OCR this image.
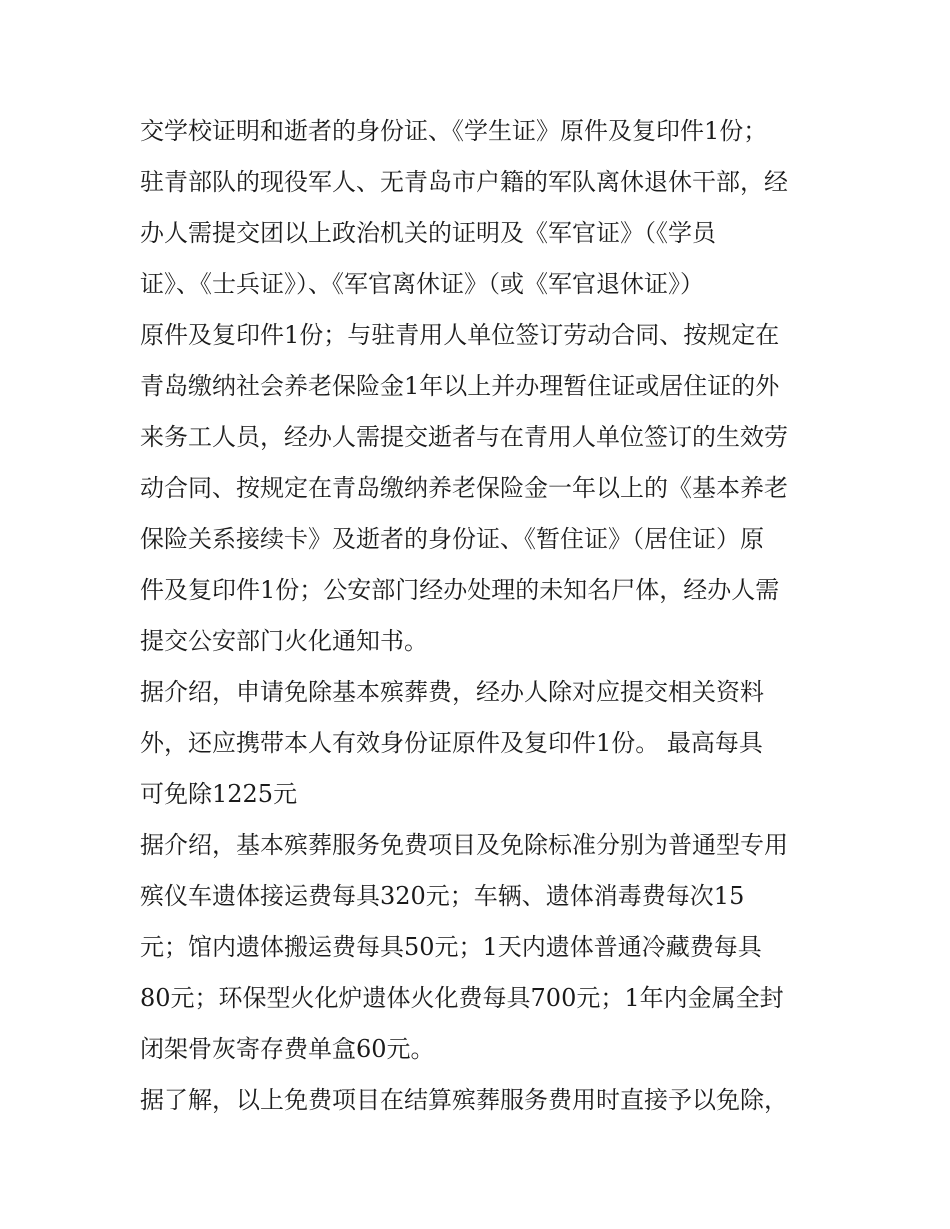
交学校证明和逝者的身份证、《学生证》原件及复印件1份；
驻青部队的现役军人、无青岛市户籍的军队离休退休干部，经
办人需提交团以上政治机关的证明及《军官证》（《学员
证》、《士兵证》）、《军官离休证》（或《军官退休证》）
原件及复印件1份；与驻青用人单位签订劳动合同、按规定在
青岛缴纳社会养老保险金1年以上并办理暂住证或居住证的外
来务工人员，经办人需提交逝者与在青用人单位签订的生效劳
动合同、按规定在青岛缴纳养老保险金一年以上的《基本养老
保险关系接续卡》及逝者的身份证、《暂住证》（居住证）原
件及复印件1份；公安部门经办处理的未知名尸体，经办人需
提交公安部门火化通知书。
据介绍，申请免除基本殡葬费，经办人除对应提交相关资料
外，还应携带本人有效身份证原件及复印件1份。 最高每具
可免除1225元
据介绍，基本殡葬服务免费项目及免除标准分别为普通型专用
殡仪车遗体接运费每具320元；车辆、遗体消毒费每次15
元；馆内遗体搬运费每具50元；1天内遗体普通冷藏费每具
80元；环保型火化炉遗体火化费每具700元；1年内金属全封
闭架骨灰寄存费单盒60元。
据了解，以上免费项目在结算殡葬服务费用时直接予以免除，
